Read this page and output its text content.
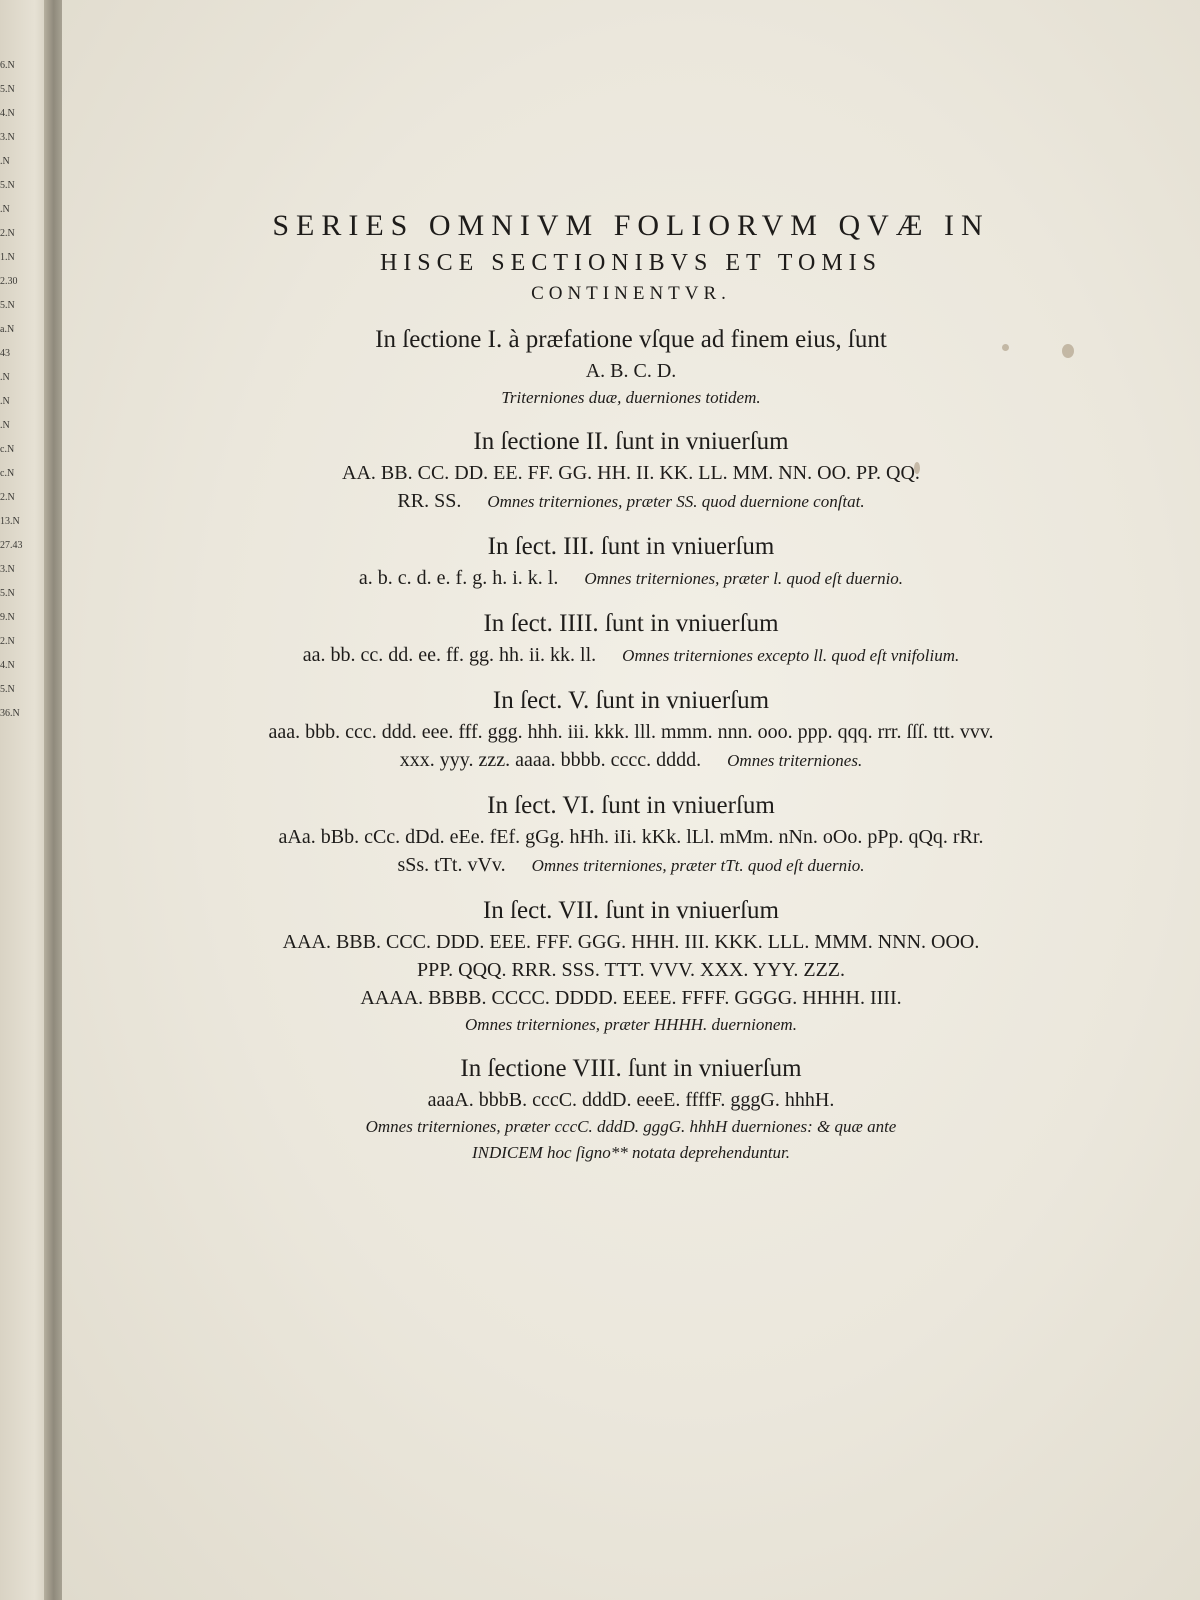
6.N
5.N
4.N
3.N
.N
5.N
.N
2.N
1.N
2.30
5.N
a.N
43
.N
.N
.N
c.N
c.N
2.N
13.N
27.43
3.N
5.N
9.N
2.N
4.N
5.N
36.N

SERIES OMNIVM FOLIORVM QVÆ IN

HISCE SECTIONIBVS ET TOMIS

CONTINENTVR.

In ſectione I. à præfatione vſque ad finem eius, ſunt
A. B. C. D.
Triterniones duæ, duerniones totidem.
In ſectione II. ſunt in vniuerſum
AA. BB. CC. DD. EE. FF. GG. HH. II. KK. LL. MM. NN. OO. PP. QQ.
RR. SS. Omnes triterniones, præter SS. quod duernione conſtat.
In ſect. III. ſunt in vniuerſum
a. b. c. d. e. f. g. h. i. k. l. Omnes triterniones, præter l. quod eſt duernio.
In ſect. IIII. ſunt in vniuerſum
aa. bb. cc. dd. ee. ff. gg. hh. ii. kk. ll. Omnes triterniones excepto ll. quod eſt vnifolium.
In ſect. V. ſunt in vniuerſum
aaa. bbb. ccc. ddd. eee. fff. ggg. hhh. iii. kkk. lll. mmm. nnn. ooo. ppp. qqq. rrr. ſſſ. ttt. vvv.
xxx. yyy. zzz. aaaa. bbbb. cccc. dddd. Omnes triterniones.
In ſect. VI. ſunt in vniuerſum
aAa. bBb. cCc. dDd. eEe. fEf. gGg. hHh. iIi. kKk. lLl. mMm. nNn. oOo. pPp. qQq. rRr.
sSs. tTt. vVv. Omnes triterniones, præter tTt. quod eſt duernio.
In ſect. VII. ſunt in vniuerſum
AAA. BBB. CCC. DDD. EEE. FFF. GGG. HHH. III. KKK. LLL. MMM. NNN. OOO.
PPP. QQQ. RRR. SSS. TTT. VVV. XXX. YYY. ZZZ.
AAAA. BBBB. CCCC. DDDD. EEEE. FFFF. GGGG. HHHH. IIII.
Omnes triterniones, præter HHHH. duernionem.
In ſectione VIII. ſunt in vniuerſum
aaaA. bbbB. cccC. dddD. eeeE. ffffF. gggG. hhhH.
Omnes triterniones, præter cccC. dddD. gggG. hhhH duerniones: & quæ ante
INDICEM hoc ſigno** notata deprehenduntur.
